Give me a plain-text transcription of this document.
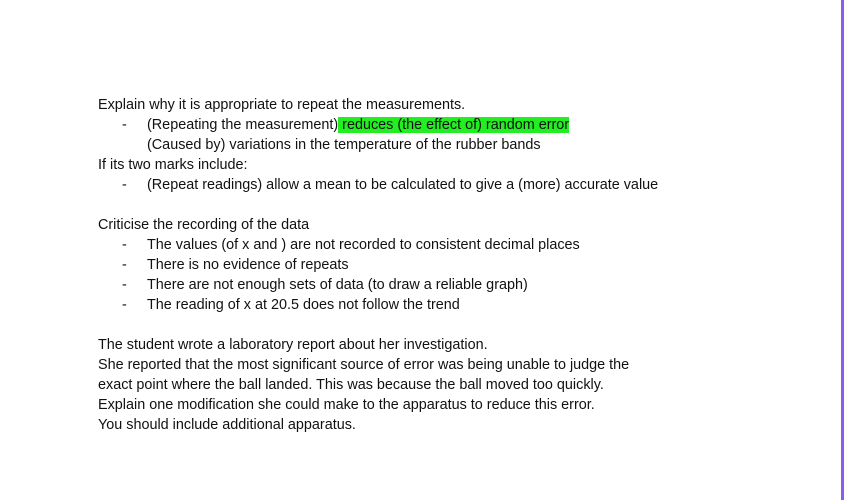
Explain why it is appropriate to repeat the measurements.
-	(Repeating the measurement) reduces (the effect of) random error
(Caused by) variations in the temperature of the rubber bands
If its two marks include:
-	(Repeat readings) allow a mean to be calculated to give a (more) accurate value
Criticise the recording of the data
-	The values (of x and ) are not recorded to consistent decimal places
-	There is no evidence of repeats
-	There are not enough sets of data (to draw a reliable graph)
-	The reading of x at 20.5 does not follow the trend
The student wrote a laboratory report about her investigation.
She reported that the most significant source of error was being unable to judge the
exact point where the ball landed. This was because the ball moved too quickly.
Explain one modification she could make to the apparatus to reduce this error.
You should include additional apparatus.
